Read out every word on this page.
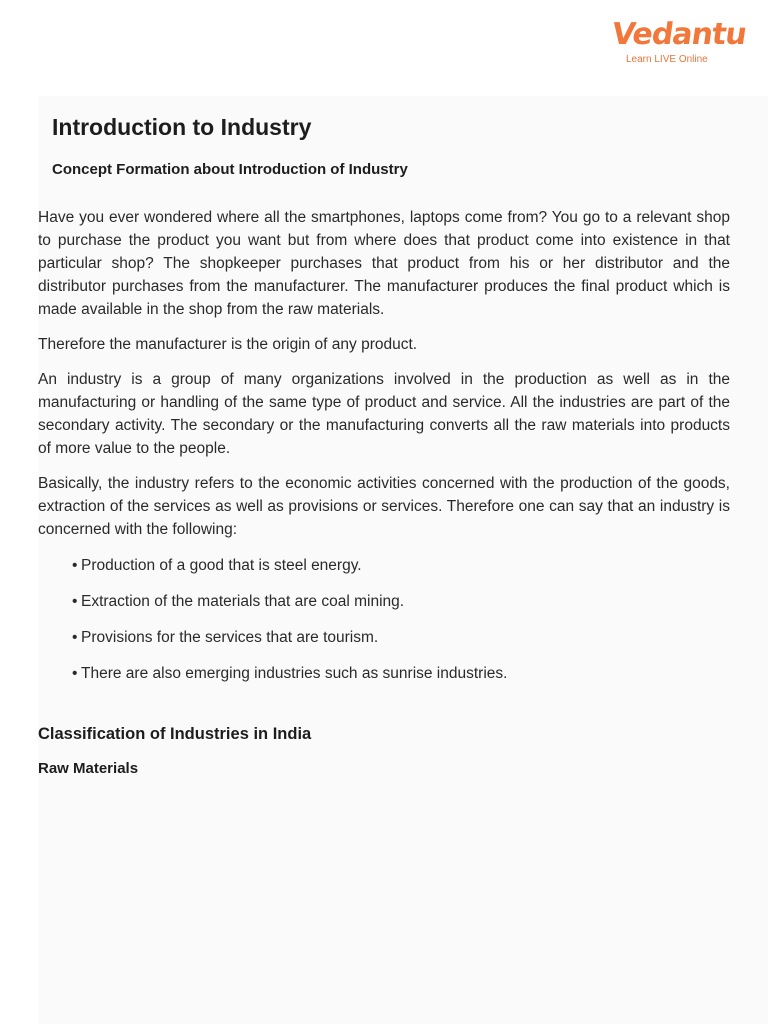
Vedantu
Learn LIVE Online
Introduction to Industry
Concept Formation about Introduction of Industry

Have you ever wondered where all the smartphones, laptops come from? You go to a relevant shop to purchase the product you want but from where does that product come into existence in that particular shop? The shopkeeper purchases that product from his or her distributor and the distributor purchases from the manufacturer. The manufacturer produces the final product which is made available in the shop from the raw materials.

Therefore the manufacturer is the origin of any product.

An industry is a group of many organizations involved in the production as well as in the manufacturing or handling of the same type of product and service. All the industries are part of the secondary activity. The secondary or the manufacturing converts all the raw materials into products of more value to the people.

Basically, the industry refers to the economic activities concerned with the production of the goods, extraction of the services as well as provisions or services. Therefore one can say that an industry is concerned with the following:

• Production of a good that is steel energy.
• Extraction of the materials that are coal mining.
• Provisions for the services that are tourism.
• There are also emerging industries such as sunrise industries.
Classification of Industries in India
Raw Materials
